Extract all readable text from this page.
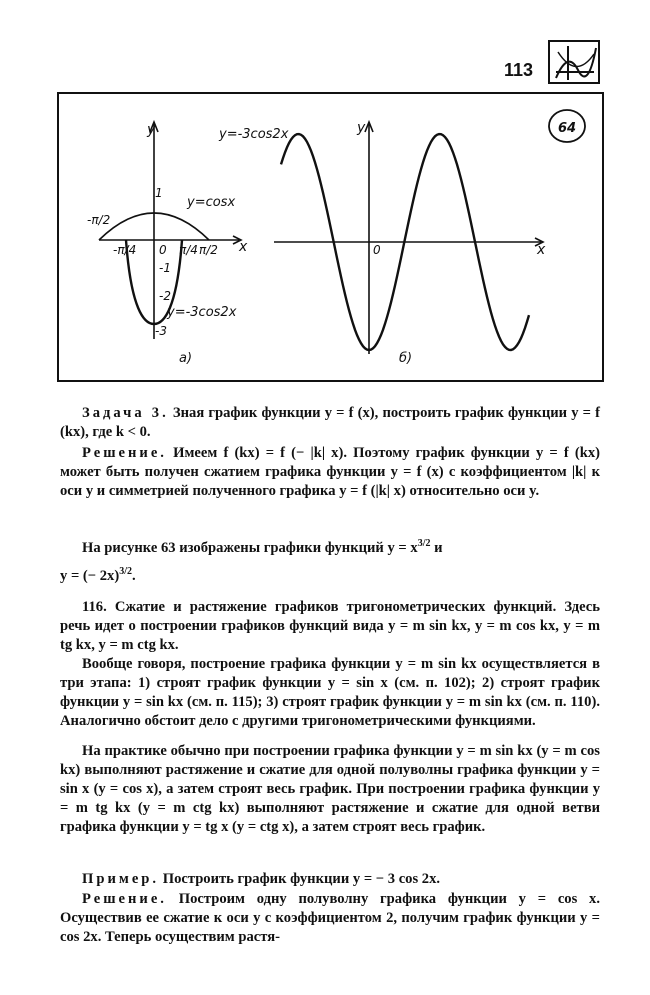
113
64
y
x
1
-1
-2
-3
-π/2
-π/4 0 π/4 π/2
y=cosx
y=-3cos2x
а)
y
x
0
y=-3cos2x
б)

Задача 3. Зная график функции y = f (x), построить график функции y = f (kx), где k < 0.

Решение. Имеем f (kx) = f (− |k| x). Поэтому график функции y = f (kx) может быть получен сжатием графика функции y = f (x) с коэффициентом |k| к оси y и симметрией полученного графика y = f (|k| x) относительно оси y.

На рисунке 63 изображены графики функций $y = x^{3/2}$ и
y = (− 2x)$^{3/2}$.

116. Сжатие и растяжение графиков тригонометрических функций. Здесь речь идет о построении графиков функций вида y = m sin kx, y = m cos kx, y = m tg kx, y = m ctg kx.

Вообще говоря, построение графика функции y = m sin kx осуществляется в три этапа: 1) строят график функции y = sin x (см. п. 102); 2) строят график функции y = sin kx (см. п. 115); 3) строят график функции y = m sin kx (см. п. 110). Аналогично обстоит дело с другими тригонометрическими функциями.

На практике обычно при построении графика функции y = m sin kx (y = m cos kx) выполняют растяжение и сжатие для одной полуволны графика функции y = sin x (y = cos x), а затем строят весь график. При построении графика функции y = m tg kx (y = m ctg kx) выполняют растяжение и сжатие для одной ветви графика функции y = tg x (y = ctg x), а затем строят весь график.

Пример. Построить график функции y = − 3 cos 2x.

Решение. Построим одну полуволну графика функции y = cos x. Осуществив ее сжатие к оси y с коэффициентом 2, получим график функции y = cos 2x. Теперь осуществим растя-
